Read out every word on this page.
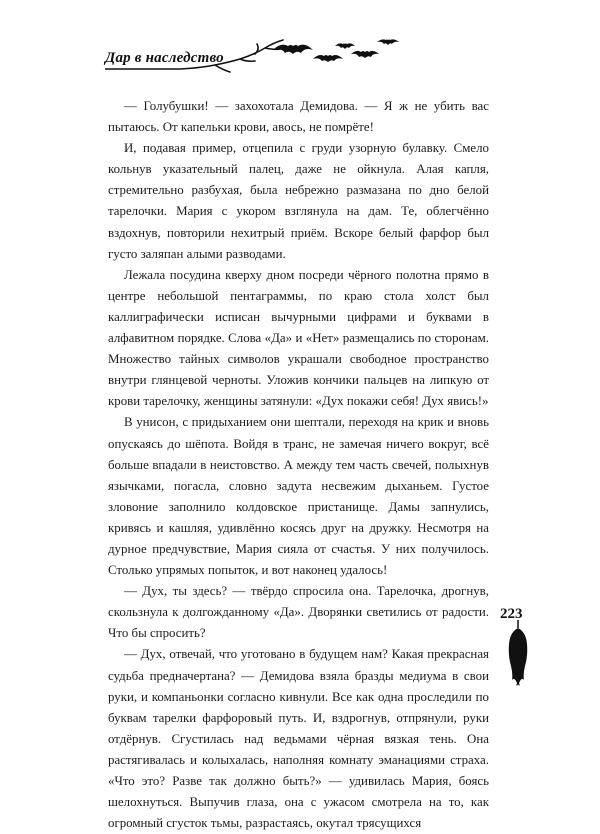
Дар в наследство

— Голубушки! — захохотала Демидова. — Я ж не убить вас пытаюсь. От капельки крови, авось, не помрёте!

И, подавая пример, отцепила с груди узорную булавку. Смело кольнув указательный палец, даже не ойкнула. Алая капля, стремительно разбухая, была небрежно размазана по дно белой тарелочки. Мария с укором взглянула на дам. Те, облегчённо вздохнув, повторили нехитрый приём. Вскоре белый фарфор был густо заляпан алыми разводами.

Лежала посудина кверху дном посреди чёрного полотна прямо в центре небольшой пентаграммы, по краю стола холст был каллиграфически исписан вычурными цифрами и буквами в алфавитном порядке. Слова «Да» и «Нет» размещались по сторонам. Множество тайных символов украшали свободное пространство внутри глянцевой черноты. Уложив кончики пальцев на липкую от крови тарелочку, женщины затянули: «Дух покажи себя! Дух явись!»

В унисон, с придыханием они шептали, переходя на крик и вновь опускаясь до шёпота. Войдя в транс, не замечая ничего вокруг, всё больше впадали в неистовство. А между тем часть свечей, полыхнув язычками, погасла, словно задута несвежим дыханьем. Густое зловоние заполнило колдовское пристанище. Дамы запнулись, кривясь и кашляя, удивлённо косясь друг на дружку. Несмотря на дурное предчувствие, Мария сияла от счастья. У них получилось. Столько упрямых попыток, и вот наконец удалось!

— Дух, ты здесь? — твёрдо спросила она. Тарелочка, дрогнув, скользнула к долгожданному «Да». Дворянки светились от радости. Что бы спросить?

— Дух, отвечай, что уготовано в будущем нам? Какая прекрасная судьба предначертана? — Демидова взяла бразды медиума в свои руки, и компаньонки согласно кивнули. Все как одна проследили по буквам тарелки фарфоровый путь. И, вздрогнув, отпрянули, руки отдёрнув. Сгустилась над ведьмами чёрная вязкая тень. Она растягивалась и колыхалась, наполняя комнату эманациями страха. «Что это? Разве так должно быть?» — удивилась Мария, боясь шелохнуться. Выпучив глаза, она с ужасом смотрела на то, как огромный сгусток тьмы, разрастаясь, окутал трясущихся

223
